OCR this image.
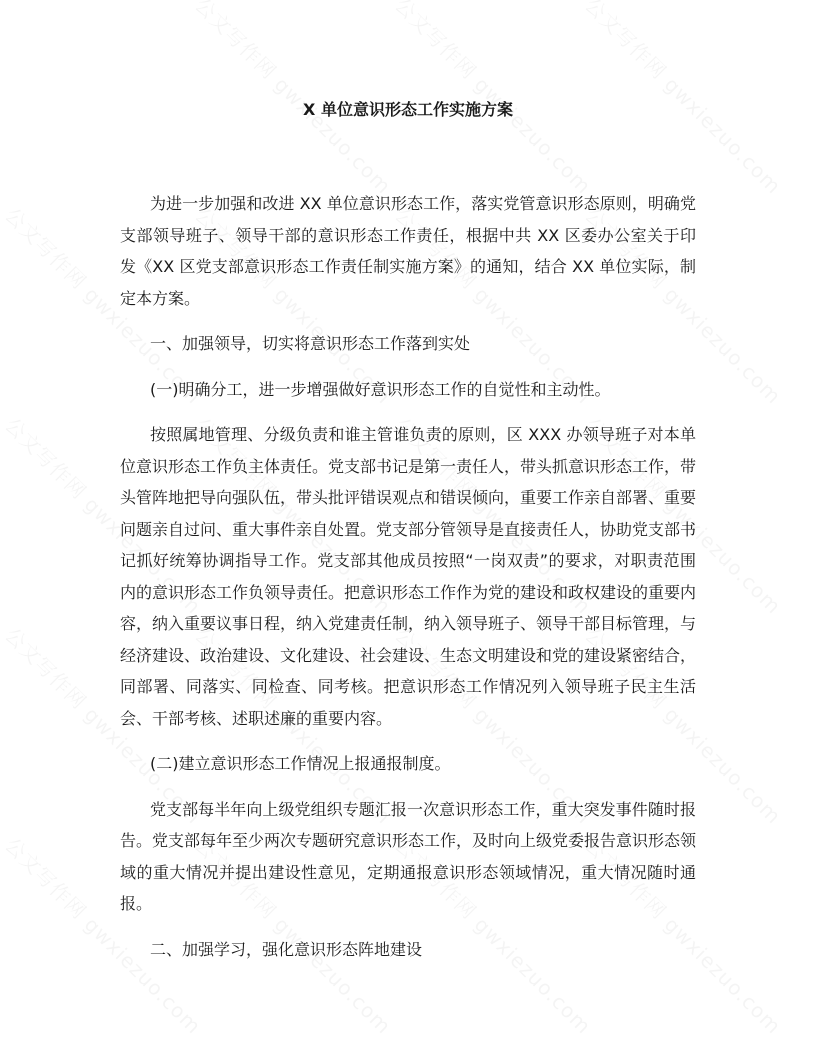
X 单位意识形态工作实施方案

为进一步加强和改进 XX 单位意识形态工作，落实党管意识形态原则，明确党支部领导班子、领导干部的意识形态工作责任，根据中共 XX 区委办公室关于印发《XX 区党支部意识形态工作责任制实施方案》的通知，结合 XX 单位实际，制定本方案。

一、加强领导，切实将意识形态工作落到实处

(一)明确分工，进一步增强做好意识形态工作的自觉性和主动性。

按照属地管理、分级负责和谁主管谁负责的原则，区 XXX 办领导班子对本单位意识形态工作负主体责任。党支部书记是第一责任人，带头抓意识形态工作，带头管阵地把导向强队伍，带头批评错误观点和错误倾向，重要工作亲自部署、重要问题亲自过问、重大事件亲自处置。党支部分管领导是直接责任人，协助党支部书记抓好统筹协调指导工作。党支部其他成员按照“一岗双责”的要求，对职责范围内的意识形态工作负领导责任。把意识形态工作作为党的建设和政权建设的重要内容，纳入重要议事日程，纳入党建责任制，纳入领导班子、领导干部目标管理，与经济建设、政治建设、文化建设、社会建设、生态文明建设和党的建设紧密结合，同部署、同落实、同检查、同考核。把意识形态工作情况列入领导班子民主生活会、干部考核、述职述廉的重要内容。

(二)建立意识形态工作情况上报通报制度。

党支部每半年向上级党组织专题汇报一次意识形态工作，重大突发事件随时报告。党支部每年至少两次专题研究意识形态工作，及时向上级党委报告意识形态领域的重大情况并提出建设性意见，定期通报意识形态领域情况，重大情况随时通报。

二、加强学习，强化意识形态阵地建设
